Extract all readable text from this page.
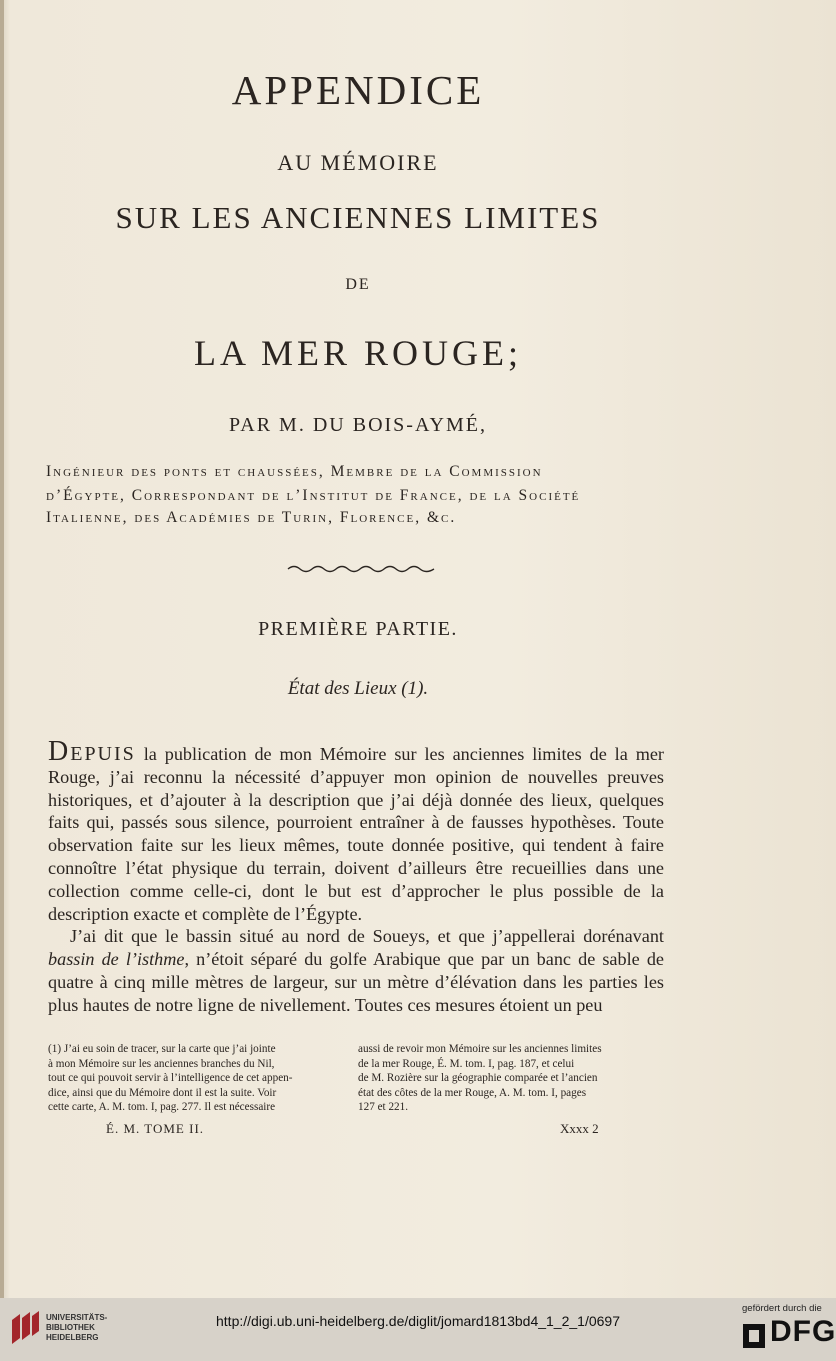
APPENDICE
AU MÉMOIRE
SUR LES ANCIENNES LIMITES
DE
LA MER ROUGE;
PAR M. DU BOIS-AYMÉ,
Ingénieur des ponts et chaussées, Membre de la Commission
d’Égypte, Correspondant de l’Institut de France, de la Société
Italienne, des Académies de Turin, Florence, &c.
PREMIÈRE PARTIE.
État des Lieux (1).

Depuis la publication de mon Mémoire sur les anciennes limites de la mer Rouge, j’ai reconnu la nécessité d’appuyer mon opinion de nouvelles preuves historiques, et d’ajouter à la description que j’ai déjà donnée des lieux, quelques faits qui, passés sous silence, pourroient entraîner à de fausses hypothèses. Toute observation faite sur les lieux mêmes, toute donnée positive, qui tendent à faire connoître l’état physique du terrain, doivent d’ailleurs être recueillies dans une collection comme celle-ci, dont le but est d’approcher le plus possible de la description exacte et complète de l’Égypte.

J’ai dit que le bassin situé au nord de Soueys, et que j’appellerai dorénavant bassin de l’isthme, n’étoit séparé du golfe Arabique que par un banc de sable de quatre à cinq mille mètres de largeur, sur un mètre d’élévation dans les parties les plus hautes de notre ligne de nivellement. Toutes ces mesures étoient un peu

(1) J’ai eu soin de tracer, sur la carte que j’ai jointe
à mon Mémoire sur les anciennes branches du Nil,
tout ce qui pouvoit servir à l’intelligence de cet appen-
dice, ainsi que du Mémoire dont il est la suite. Voir
cette carte, A. M. tom. I, pag. 277. Il est nécessaire
aussi de revoir mon Mémoire sur les anciennes limites
de la mer Rouge, É. M. tom. I, pag. 187, et celui
de M. Rozière sur la géographie comparée et l’ancien
état des côtes de la mer Rouge, A. M. tom. I, pages
127 et 221.
É. M. TOME II.	Xxxx 2
UNIVERSITÄTS-
BIBLIOTHEK
HEIDELBERG
http://digi.ub.uni-heidelberg.de/diglit/jomard1813bd4_1_2_1/0697
gefördert durch die
DFG
